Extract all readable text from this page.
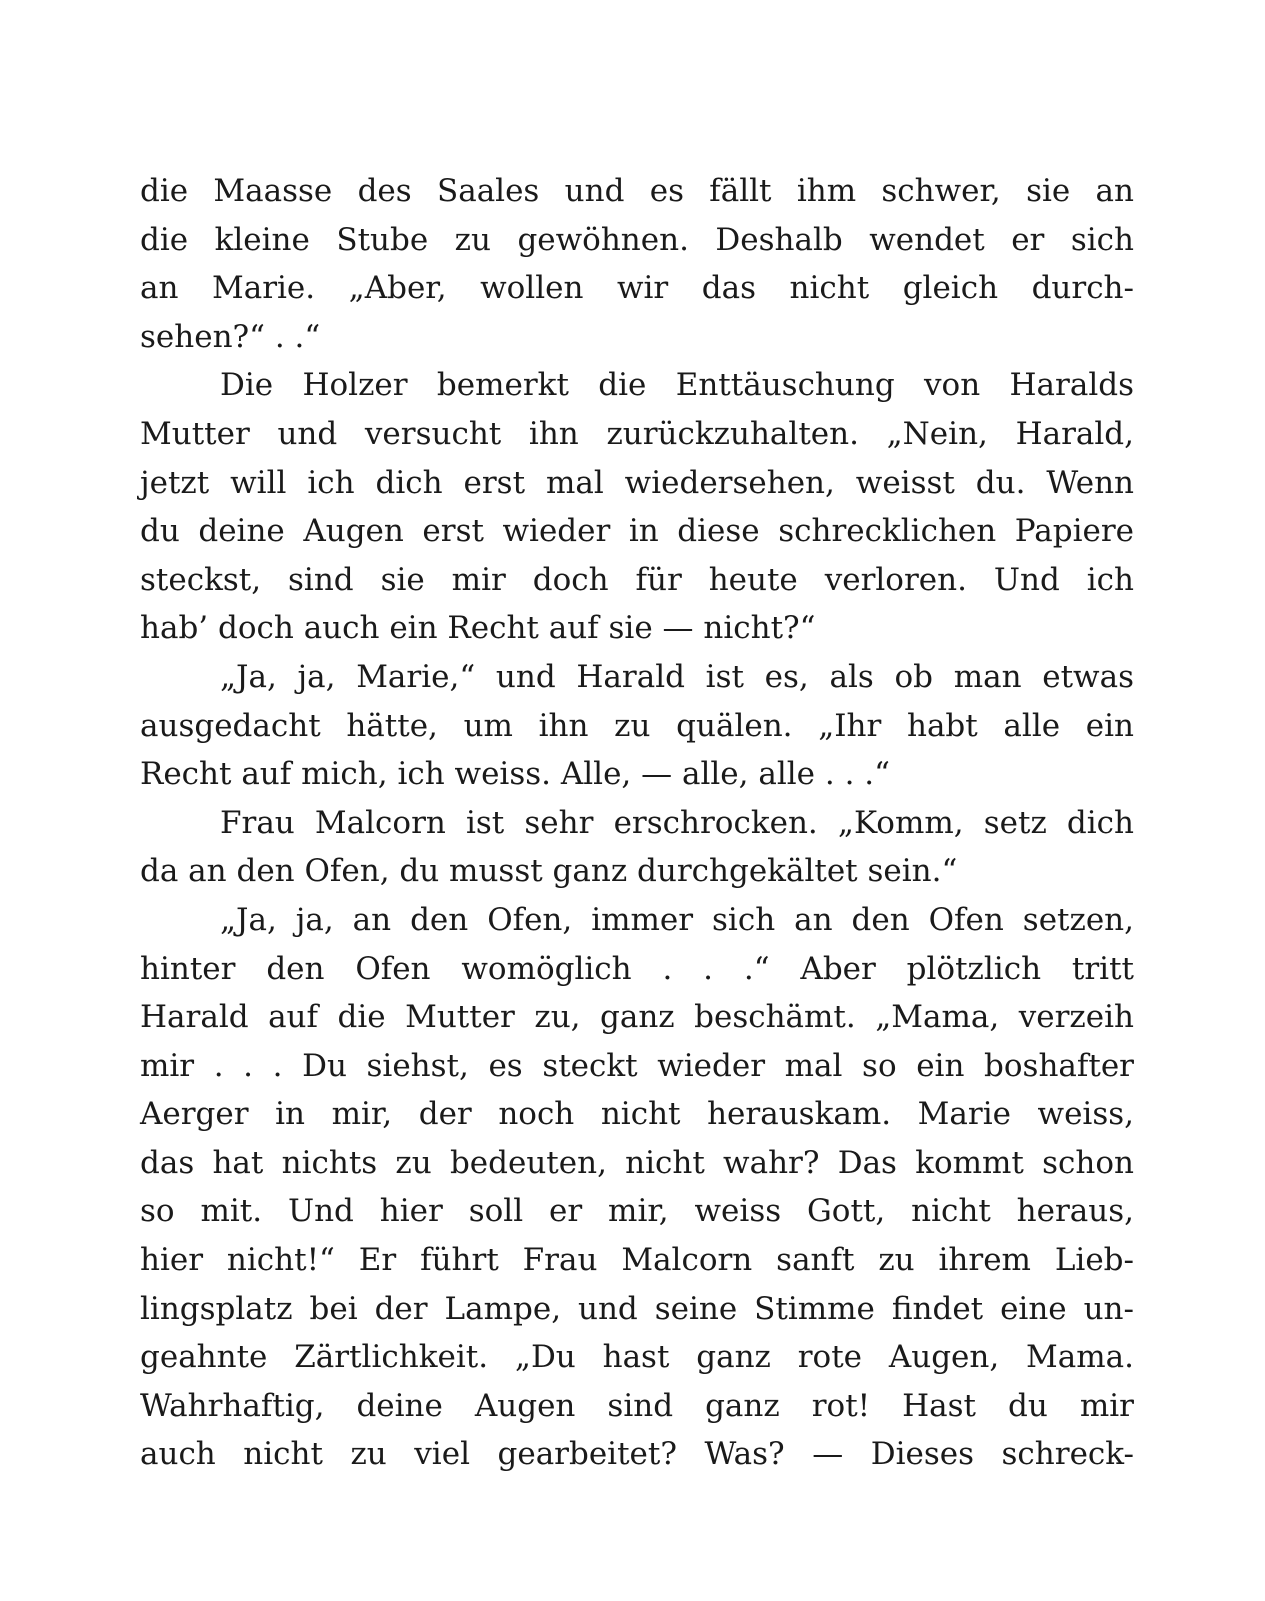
die Maasse des Saales und es fällt ihm schwer, sie an
die kleine Stube zu gewöhnen. Deshalb wendet er sich
an Marie. „Aber, wollen wir das nicht gleich durch-
sehen?“ . .“
Die Holzer bemerkt die Enttäuschung von Haralds
Mutter und versucht ihn zurückzuhalten. „Nein, Harald,
jetzt will ich dich erst mal wiedersehen, weisst du. Wenn
du deine Augen erst wieder in diese schrecklichen Papiere
steckst, sind sie mir doch für heute verloren. Und ich
hab’ doch auch ein Recht auf sie — nicht?“
„Ja, ja, Marie,“ und Harald ist es, als ob man etwas
ausgedacht hätte, um ihn zu quälen. „Ihr habt alle ein
Recht auf mich, ich weiss. Alle, — alle, alle . . .“
Frau Malcorn ist sehr erschrocken. „Komm, setz dich
da an den Ofen, du musst ganz durchgekältet sein.“
„Ja, ja, an den Ofen, immer sich an den Ofen setzen,
hinter den Ofen womöglich . . .“ Aber plötzlich tritt
Harald auf die Mutter zu, ganz beschämt. „Mama, verzeih
mir . . . Du siehst, es steckt wieder mal so ein boshafter
Aerger in mir, der noch nicht herauskam. Marie weiss,
das hat nichts zu bedeuten, nicht wahr? Das kommt schon
so mit. Und hier soll er mir, weiss Gott, nicht heraus,
hier nicht!“ Er führt Frau Malcorn sanft zu ihrem Lieb-
lingsplatz bei der Lampe, und seine Stimme findet eine un-
geahnte Zärtlichkeit. „Du hast ganz rote Augen, Mama.
Wahrhaftig, deine Augen sind ganz rot! Hast du mir
auch nicht zu viel gearbeitet? Was? — Dieses schreck-
